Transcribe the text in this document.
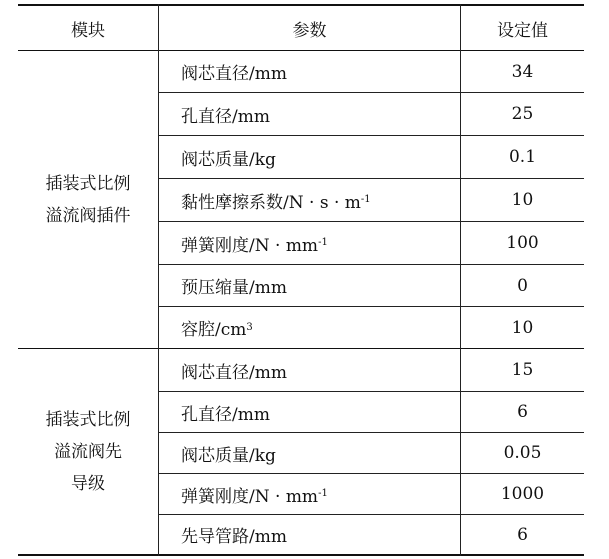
模块	参数	设定值
插装式比例
溢流阀插件
阀芯直径/mm	34
孔直径/mm	25
阀芯质量/kg	0.1
黏性摩擦系数/N · s · m -1	10
弹簧刚度/N · mm -1	100
预压缩量/mm	0
容腔/cm 3	10
插装式比例
溢流阀先
导级
阀芯直径/mm	15
孔直径/mm	6
阀芯质量/kg	0.05
弹簧刚度/N · mm -1	1000
先导管路/mm	6
